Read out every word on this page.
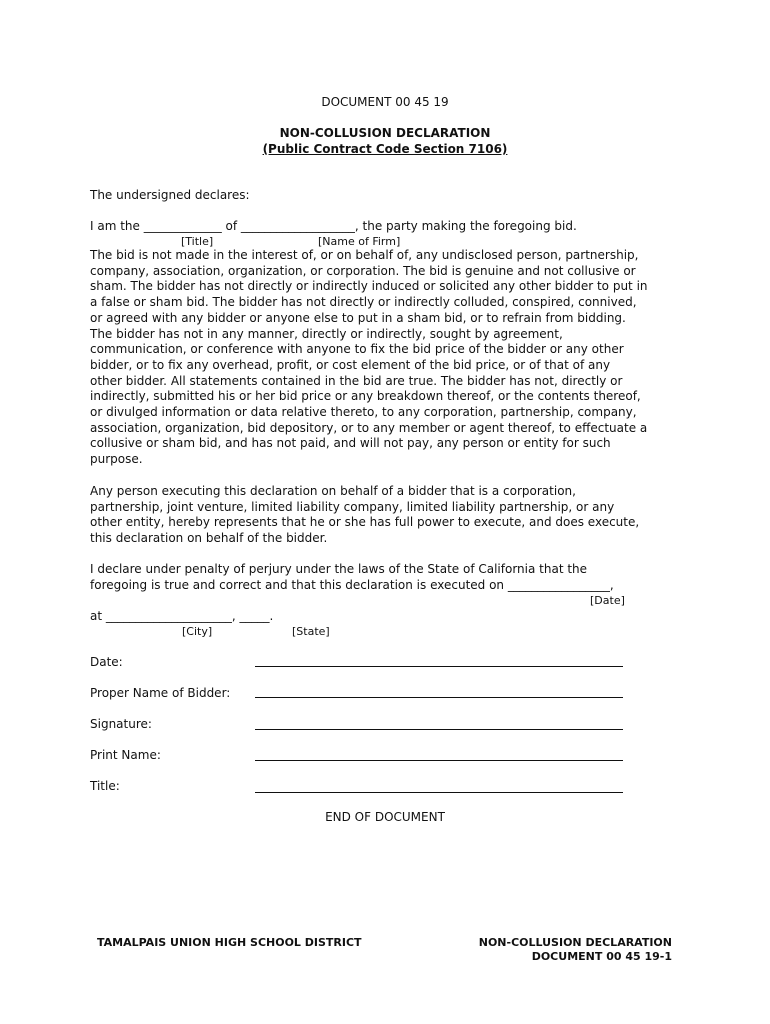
DOCUMENT 00 45 19
NON-COLLUSION DECLARATION
(Public Contract Code Section 7106)
The undersigned declares:
I am the _____________ of ___________________, the party making the foregoing bid.
[Title]	[Name of Firm]
The bid is not made in the interest of, or on behalf of, any undisclosed person, partnership,
company, association, organization, or corporation. The bid is genuine and not collusive or
sham. The bidder has not directly or indirectly induced or solicited any other bidder to put in
a false or sham bid. The bidder has not directly or indirectly colluded, conspired, connived,
or agreed with any bidder or anyone else to put in a sham bid, or to refrain from bidding.
The bidder has not in any manner, directly or indirectly, sought by agreement,
communication, or conference with anyone to fix the bid price of the bidder or any other
bidder, or to fix any overhead, profit, or cost element of the bid price, or of that of any
other bidder. All statements contained in the bid are true. The bidder has not, directly or
indirectly, submitted his or her bid price or any breakdown thereof, or the contents thereof,
or divulged information or data relative thereto, to any corporation, partnership, company,
association, organization, bid depository, or to any member or agent thereof, to effectuate a
collusive or sham bid, and has not paid, and will not pay, any person or entity for such
purpose.
Any person executing this declaration on behalf of a bidder that is a corporation,
partnership, joint venture, limited liability company, limited liability partnership, or any
other entity, hereby represents that he or she has full power to execute, and does execute,
this declaration on behalf of the bidder.
I declare under penalty of perjury under the laws of the State of California that the
foregoing is true and correct and that this declaration is executed on _________________,
[Date]
at _____________________, _____.
[City]	[State]
Date:
Proper Name of Bidder:
Signature:
Print Name:
Title:
END OF DOCUMENT
TAMALPAIS UNION HIGH SCHOOL DISTRICT	NON-COLLUSION DECLARATION
DOCUMENT 00 45 19-1
